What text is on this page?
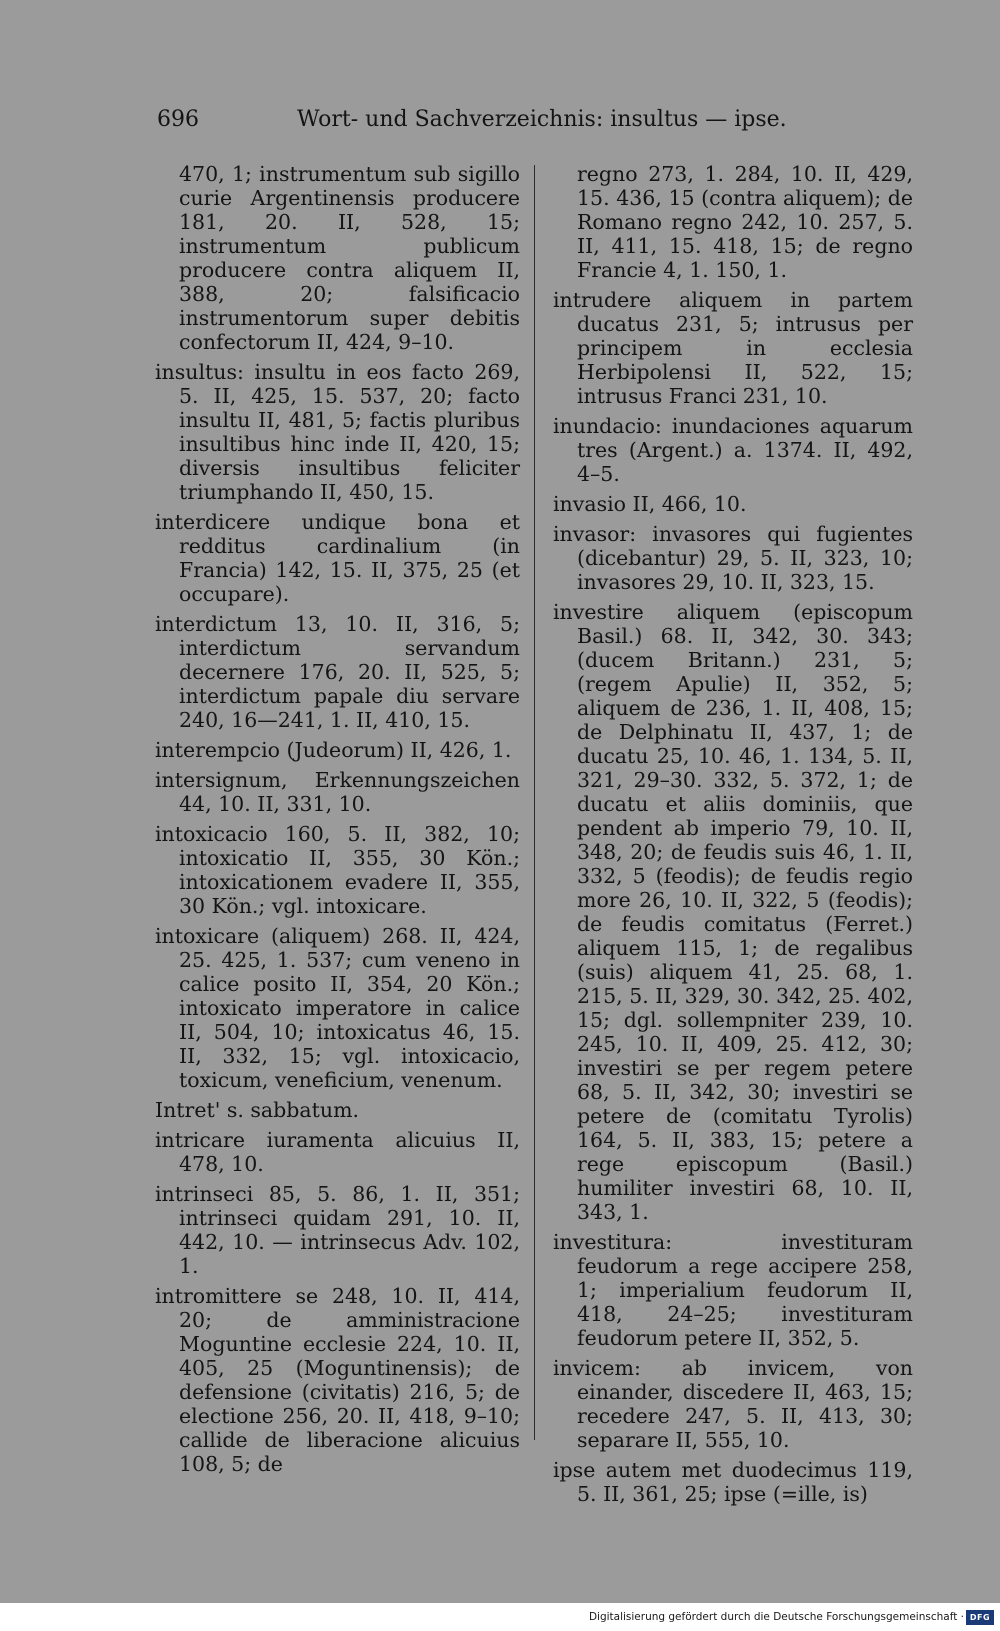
696	Wort- und Sachverzeichnis: insultus — ipse.

470, 1; instrumentum sub sigillo curie Argentinensis producere 181, 20. II, 528, 15; instrumentum publicum producere contra aliquem II, 388, 20; falsificacio instrumentorum super debitis confectorum II, 424, 9–10.

insultus: insultu in eos facto 269, 5. II, 425, 15. 537, 20; facto insultu II, 481, 5; factis pluribus insultibus hinc inde II, 420, 15; diversis insultibus feliciter triumphando II, 450, 15.

interdicere undique bona et redditus cardinalium (in Francia) 142, 15. II, 375, 25 (et occupare).

interdictum 13, 10. II, 316, 5; interdictum servandum decernere 176, 20. II, 525, 5; interdictum papale diu servare 240, 16—241, 1. II, 410, 15.

interempcio (Judeorum) II, 426, 1.

intersignum, Erkennungszeichen 44, 10. II, 331, 10.

intoxicacio 160, 5. II, 382, 10; intoxicatio II, 355, 30 Kön.; intoxicationem evadere II, 355, 30 Kön.; vgl. intoxicare.

intoxicare (aliquem) 268. II, 424, 25. 425, 1. 537; cum veneno in calice posito II, 354, 20 Kön.; intoxicato imperatore in calice II, 504, 10; intoxicatus 46, 15. II, 332, 15; vgl. intoxicacio, toxicum, veneficium, venenum.

Intret' s. sabbatum.

intricare iuramenta alicuius II, 478, 10.

intrinseci 85, 5. 86, 1. II, 351; intrinseci quidam 291, 10. II, 442, 10. — intrinsecus Adv. 102, 1.

intromittere se 248, 10. II, 414, 20; de amministracione Moguntine ecclesie 224, 10. II, 405, 25 (Moguntinensis); de defensione (civitatis) 216, 5; de electione 256, 20. II, 418, 9–10; callide de liberacione alicuius 108, 5; de

regno 273, 1. 284, 10. II, 429, 15. 436, 15 (contra aliquem); de Romano regno 242, 10. 257, 5. II, 411, 15. 418, 15; de regno Francie 4, 1. 150, 1.

intrudere aliquem in partem ducatus 231, 5; intrusus per principem in ecclesia Herbipolensi II, 522, 15; intrusus Franci 231, 10.

inundacio: inundaciones aquarum tres (Argent.) a. 1374. II, 492, 4–5.

invasio II, 466, 10.

invasor: invasores qui fugientes (dicebantur) 29, 5. II, 323, 10; invasores 29, 10. II, 323, 15.

investire aliquem (episcopum Basil.) 68. II, 342, 30. 343; (ducem Britann.) 231, 5; (regem Apulie) II, 352, 5; aliquem de 236, 1. II, 408, 15; de Delphinatu II, 437, 1; de ducatu 25, 10. 46, 1. 134, 5. II, 321, 29–30. 332, 5. 372, 1; de ducatu et aliis dominiis, que pendent ab imperio 79, 10. II, 348, 20; de feudis suis 46, 1. II, 332, 5 (feodis); de feudis regio more 26, 10. II, 322, 5 (feodis); de feudis comitatus (Ferret.) aliquem 115, 1; de regalibus (suis) aliquem 41, 25. 68, 1. 215, 5. II, 329, 30. 342, 25. 402, 15; dgl. sollempniter 239, 10. 245, 10. II, 409, 25. 412, 30; investiri se per regem petere 68, 5. II, 342, 30; investiri se petere de (comitatu Tyrolis) 164, 5. II, 383, 15; petere a rege episcopum (Basil.) humiliter investiri 68, 10. II, 343, 1.

investitura: investituram feudorum a rege accipere 258, 1; imperialium feudorum II, 418, 24–25; investituram feudorum petere II, 352, 5.

invicem: ab invicem, von einander, discedere II, 463, 15; recedere 247, 5. II, 413, 30; separare II, 555, 10.

ipse autem met duodecimus 119, 5. II, 361, 25; ipse (=ille, is)

Digitalisierung gefördert durch die Deutsche Forschungsgemeinschaft · DFG
